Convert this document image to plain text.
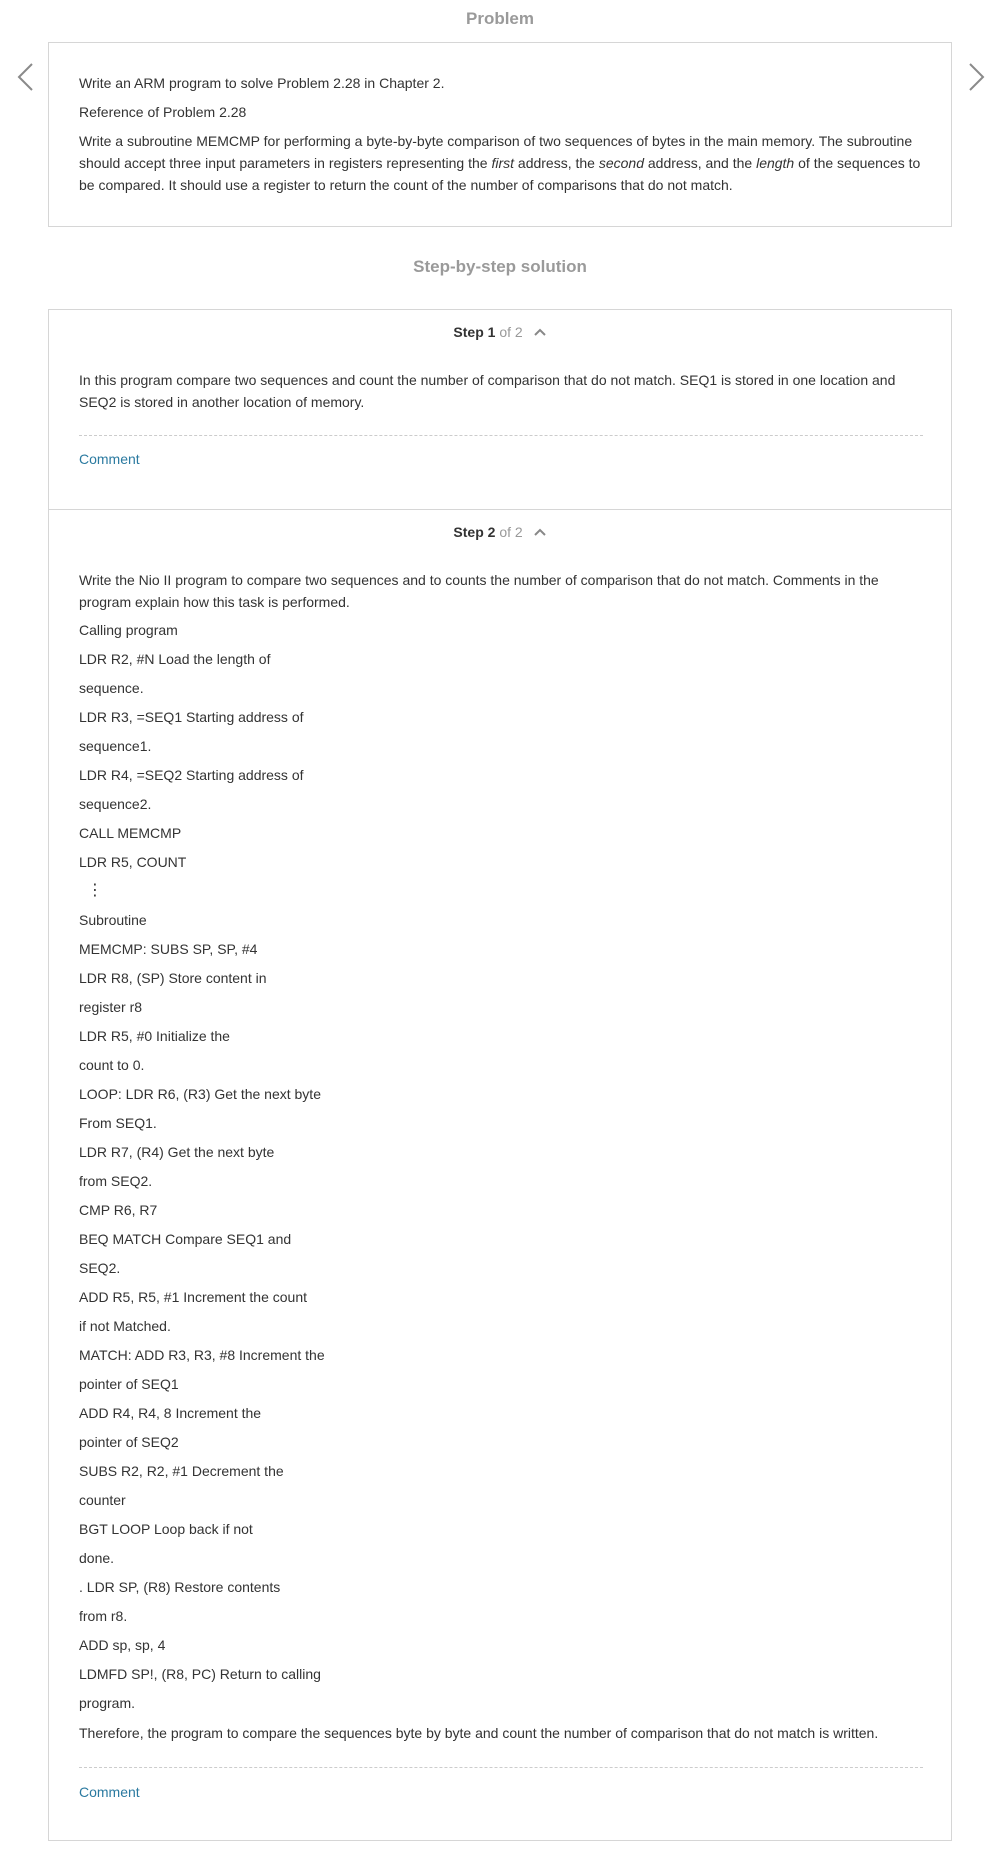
Problem
Write an ARM program to solve Problem 2.28 in Chapter 2.
Reference of Problem 2.28
Write a subroutine MEMCMP for performing a byte-by-byte comparison of two sequences of bytes in the main memory. The subroutine should accept three input parameters in registers representing the first address, the second address, and the length of the sequences to be compared. It should use a register to return the count of the number of comparisons that do not match.
Step-by-step solution
Step 1 of 2
In this program compare two sequences and count the number of comparison that do not match. SEQ1 is stored in one location and SEQ2 is stored in another location of memory.
Comment
Step 2 of 2
Write the Nio II program to compare two sequences and to counts the number of comparison that do not match. Comments in the program explain how this task is performed.
Calling program
LDR R2, #N Load the length of
sequence.
LDR R3, =SEQ1 Starting address of
sequence1.
LDR R4, =SEQ2 Starting address of
sequence2.
CALL MEMCMP
LDR R5, COUNT
⋮
Subroutine
MEMCMP: SUBS SP, SP, #4
LDR R8, (SP) Store content in
register r8
LDR R5, #0 Initialize the
count to 0.
LOOP: LDR R6, (R3) Get the next byte
From SEQ1.
LDR R7, (R4) Get the next byte
from SEQ2.
CMP R6, R7
BEQ MATCH Compare SEQ1 and
SEQ2.
ADD R5, R5, #1 Increment the count
if not Matched.
MATCH: ADD R3, R3, #8 Increment the
pointer of SEQ1
ADD R4, R4, 8 Increment the
pointer of SEQ2
SUBS R2, R2, #1 Decrement the
counter
BGT LOOP Loop back if not
done.
. LDR SP, (R8) Restore contents
from r8.
ADD sp, sp, 4
LDMFD SP!, (R8, PC) Return to calling
program.
Therefore, the program to compare the sequences byte by byte and count the number of comparison that do not match is written.
Comment
